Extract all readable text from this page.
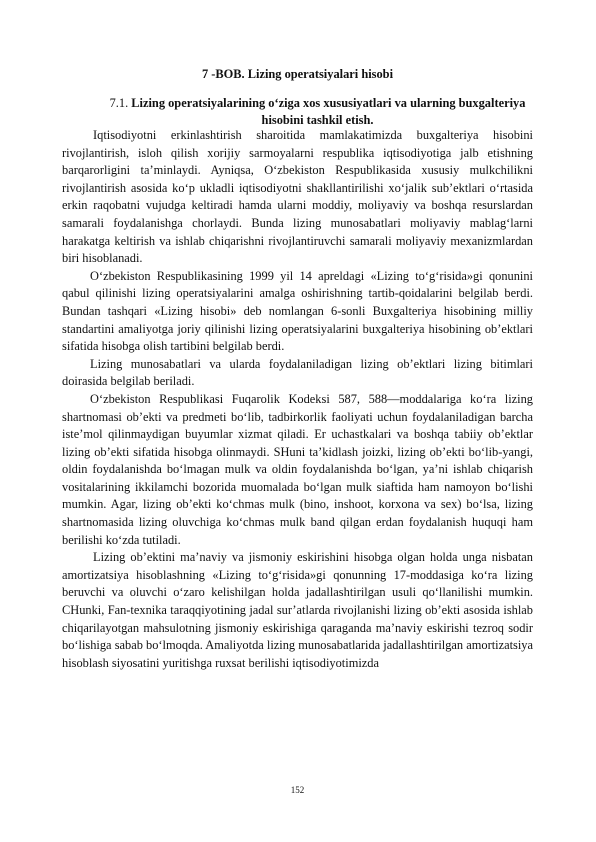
7 -BOB. Lizing operatsiyalari hisobi
7.1. Lizing operatsiyalarining o‘ziga xos xususiyatlari va ularning buxgalteriya hisobini tashkil etish.

Iqtisodiyotni erkinlashtirish sharoitida mamlakatimizda buxgalteriya hisobini rivojlantirish, isloh qilish xorijiy sarmoyalarni respublika iqtisodiyotiga jalb etishning barqarorligini ta’minlaydi. Ayniqsa, O‘zbekiston Respublikasida xususiy mulkchilikni rivojlantirish asosida ko‘p ukladli iqtisodiyotni shakllantirilishi xo‘jalik sub’ektlari o‘rtasida erkin raqobatni vujudga keltiradi hamda ularni moddiy, moliyaviy va boshqa resurslardan samarali foydalanishga chorlaydi. Bunda lizing munosabatlari moliyaviy mablag‘larni harakatga keltirish va ishlab chiqarishni rivojlantiruvchi samarali moliyaviy mexanizmlardan biri hisoblanadi.

O‘zbekiston Respublikasining 1999 yil 14 apreldagi «Lizing to‘g‘risida»gi qonunini qabul qilinishi lizing operatsiyalarini amalga oshirishning tartib-qoidalarini belgilab berdi. Bundan tashqari «Lizing hisobi» deb nomlangan 6-sonli Buxgalteriya hisobining milliy standartini amaliyotga joriy qilinishi lizing operatsiyalarini buxgalteriya hisobining ob’ektlari sifatida hisobga olish tartibini belgilab berdi.

Lizing munosabatlari va ularda foydalaniladigan lizing ob’ektlari lizing bitimlari doirasida belgilab beriladi.

O‘zbekiston Respublikasi Fuqarolik Kodeksi 587, 588—moddalariga ko‘ra lizing shartnomasi ob’ekti va predmeti bo‘lib, tadbirkorlik faoliyati uchun foydalaniladigan barcha iste’mol qilinmaydigan buyumlar xizmat qiladi. Er uchastkalari va boshqa tabiiy ob’ektlar lizing ob’ekti sifatida hisobga olinmaydi. SHuni ta’kidlash joizki, lizing ob’ekti bo‘lib-yangi, oldin foydalanishda bo‘lmagan mulk va oldin foydalanishda bo‘lgan, ya’ni ishlab chiqarish vositalarining ikkilamchi bozorida muomalada bo‘lgan mulk siaftida ham namoyon bo‘lishi mumkin. Agar, lizing ob’ekti ko‘chmas mulk (bino, inshoot, korxona va sex) bo‘lsa, lizing shartnomasida lizing oluvchiga ko‘chmas mulk band qilgan erdan foydalanish huquqi ham berilishi ko‘zda tutiladi.

Lizing ob’ektini ma’naviy va jismoniy eskirishini hisobga olgan holda unga nisbatan amortizatsiya hisoblashning «Lizing to‘g‘risida»gi qonunning 17-moddasiga ko‘ra lizing beruvchi va oluvchi o‘zaro kelishilgan holda jadallashtirilgan usuli qo‘llanilishi mumkin. CHunki, Fan-texnika taraqqiyotining jadal sur’atlarda rivojlanishi lizing ob’ekti asosida ishlab chiqarilayotgan mahsulotning jismoniy eskirishiga qaraganda ma’naviy eskirishi tezroq sodir bo‘lishiga sabab bo‘lmoqda. Amaliyotda lizing munosabatlarida jadallashtirilgan amortizatsiya hisoblash siyosatini yuritishga ruxsat berilishi iqtisodiyotimizda

152
